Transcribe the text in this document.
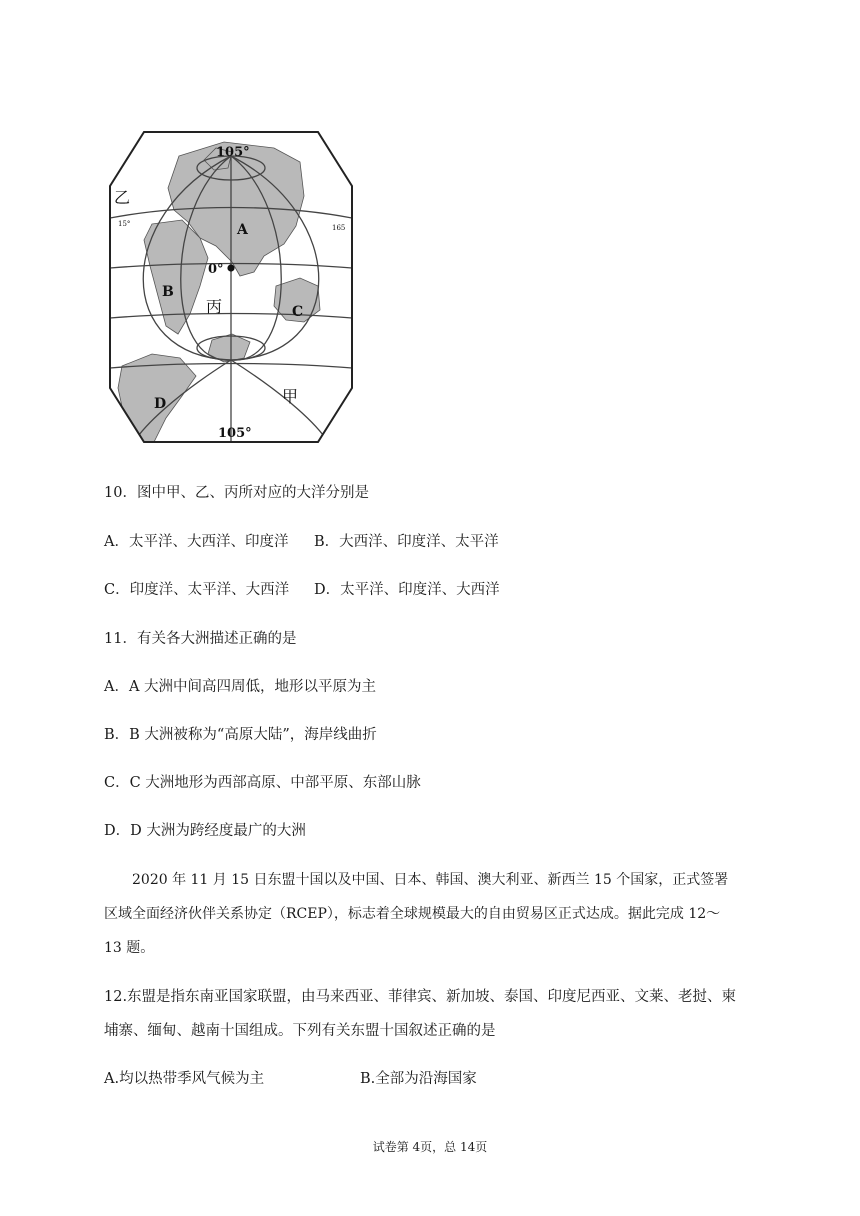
105°
105°
0°
15°	165
甲
乙
丙
A
B
C
D
10．图中甲、乙、丙所对应的大洋分别是
A．太平洋、大西洋、印度洋 B．大西洋、印度洋、太平洋
C．印度洋、太平洋、大西洋 D．太平洋、印度洋、大西洋
11．有关各大洲描述正确的是
A．A 大洲中间高四周低，地形以平原为主
B．B 大洲被称为“高原大陆”，海岸线曲折
C．C 大洲地形为西部高原、中部平原、东部山脉
D．D 大洲为跨经度最广的大洲
2020 年 11 月 15 日东盟十国以及中国、日本、韩国、澳大利亚、新西兰 15 个国家，正式签署
区域全面经济伙伴关系协定（RCEP），标志着全球规模最大的自由贸易区正式达成。据此完成 12～
13 题。
12.东盟是指东南亚国家联盟，由马来西亚、菲律宾、新加坡、泰国、印度尼西亚、文莱、老挝、柬
埔寨、缅甸、越南十国组成。下列有关东盟十国叙述正确的是
A.均以热带季风气候为主	B.全部为沿海国家
试卷第 4页，总 14页
